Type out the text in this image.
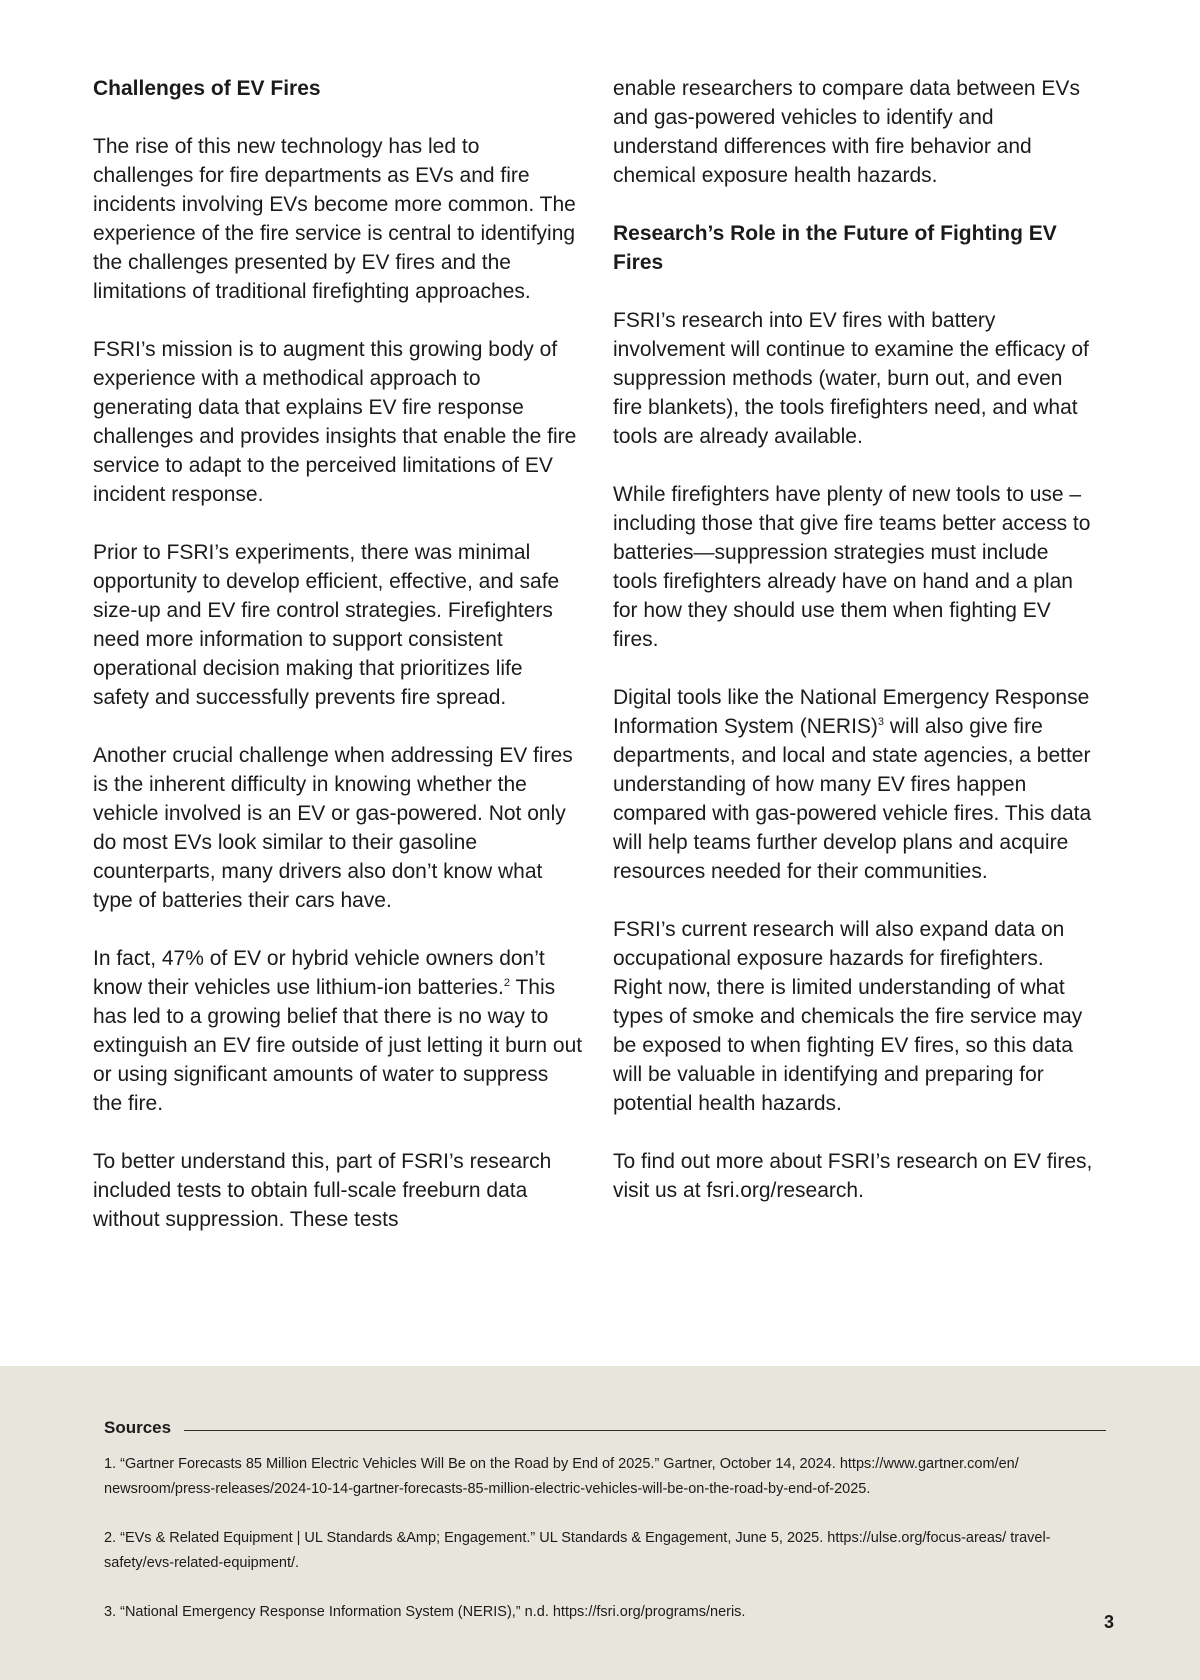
Challenges of EV Fires

The rise of this new technology has led to challenges for fire departments as EVs and fire incidents involving EVs become more common. The experience of the fire service is central to identifying the challenges presented by EV fires and the limitations of traditional firefighting approaches.

FSRI’s mission is to augment this growing body of experience with a methodical approach to generating data that explains EV fire response challenges and provides insights that enable the fire service to adapt to the perceived limitations of EV incident response.

Prior to FSRI’s experiments, there was minimal opportunity to develop efficient, effective, and safe size-up and EV fire control strategies. Firefighters need more information to support consistent operational decision making that prioritizes life safety and successfully prevents fire spread.

Another crucial challenge when addressing EV fires is the inherent difficulty in knowing whether the vehicle involved is an EV or gas-powered. Not only do most EVs look similar to their gasoline counterparts, many drivers also don’t know what type of batteries their cars have.

In fact, 47% of EV or hybrid vehicle owners don’t know their vehicles use lithium-ion batteries.$^2$ This has led to a growing belief that there is no way to extinguish an EV fire outside of just letting it burn out or using significant amounts of water to suppress the fire.

To better understand this, part of FSRI’s research included tests to obtain full-scale freeburn data without suppression. These tests

enable researchers to compare data between EVs and gas-powered vehicles to identify and understand differences with fire behavior and chemical exposure health hazards.

Research’s Role in the Future of Fighting EV Fires

FSRI’s research into EV fires with battery involvement will continue to examine the efficacy of suppression methods (water, burn out, and even fire blankets), the tools firefighters need, and what tools are already available.

While firefighters have plenty of new tools to use – including those that give fire teams better access to batteries—suppression strategies must include tools firefighters already have on hand and a plan for how they should use them when fighting EV fires.

Digital tools like the National Emergency Response Information System (NERIS)$^3$ will also give fire departments, and local and state agencies, a better understanding of how many EV fires happen compared with gas-powered vehicle fires. This data will help teams further develop plans and acquire resources needed for their communities.

FSRI’s current research will also expand data on occupational exposure hazards for firefighters. Right now, there is limited understanding of what types of smoke and chemicals the fire service may be exposed to when fighting EV fires, so this data will be valuable in identifying and preparing for potential health hazards.

To find out more about FSRI’s research on EV fires, visit us at fsri.org/research.

Sources

1. “Gartner Forecasts 85 Million Electric Vehicles Will Be on the Road by End of 2025.” Gartner, October 14, 2024. https://www.gartner.com/en/ newsroom/press-releases/2024-10-14-gartner-forecasts-85-million-electric-vehicles-will-be-on-the-road-by-end-of-2025.

2. “EVs & Related Equipment | UL Standards &Amp; Engagement.” UL Standards & Engagement, June 5, 2025. https://ulse.org/focus-areas/ travel-safety/evs-related-equipment/.

3. “National Emergency Response Information System (NERIS),” n.d. https://fsri.org/programs/neris.	3
